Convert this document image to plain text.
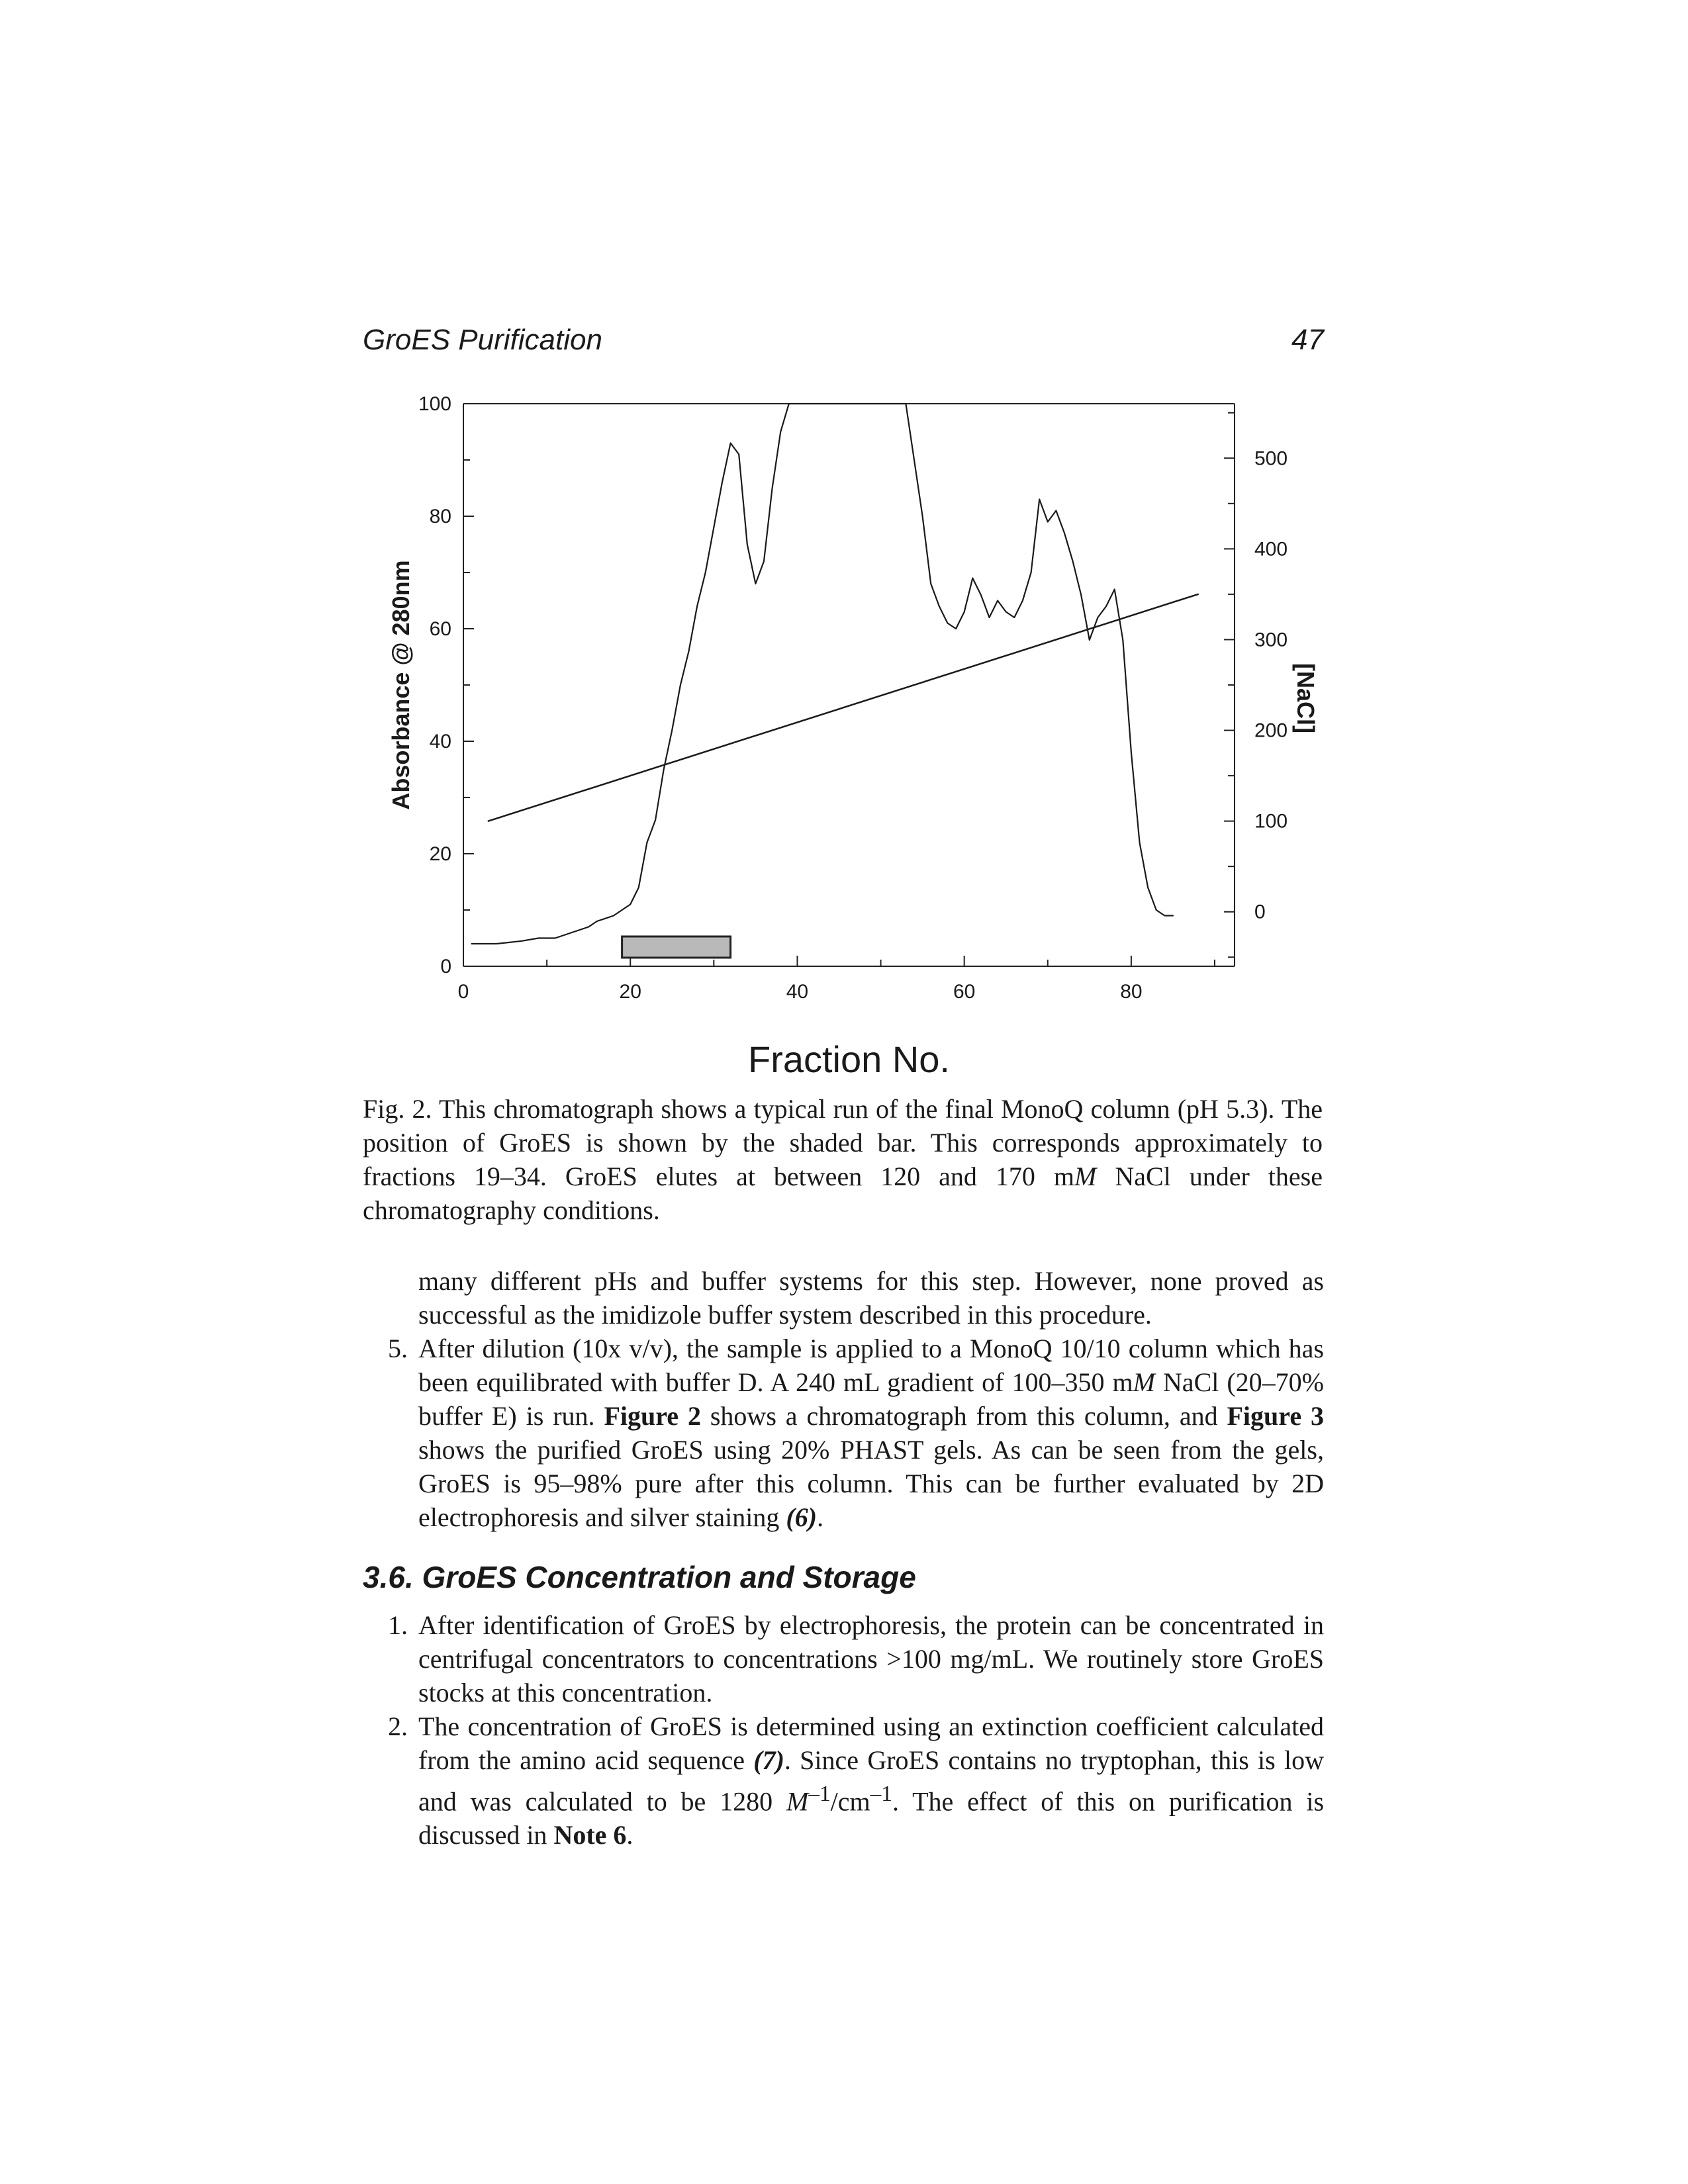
GroES Purification	47
0
20
40
60
80
100
0
100
200
300
400
500
0	20	40	60	80
Absorbance @ 280nm	[NaCl]
Fraction No.
Fig. 2. This chromatograph shows a typical run of the final MonoQ column (pH 5.3). The position of GroES is shown by the shaded bar. This corresponds approximately to fractions 19–34. GroES elutes at between 120 and 170 mM NaCl under these chromatography conditions.
many different pHs and buffer systems for this step. However, none proved as successful as the imidizole buffer system described in this procedure.
5. After dilution (10x v/v), the sample is applied to a MonoQ 10/10 column which has been equilibrated with buffer D. A 240 mL gradient of 100–350 mM NaCl (20–70% buffer E) is run. Figure 2 shows a chromatograph from this column, and Figure 3 shows the purified GroES using 20% PHAST gels. As can be seen from the gels, GroES is 95–98% pure after this column. This can be further evaluated by 2D electrophoresis and silver staining (6).
3.6. GroES Concentration and Storage
1. After identification of GroES by electrophoresis, the protein can be concentrated in centrifugal concentrators to concentrations >100 mg/mL. We routinely store GroES stocks at this concentration.
2. The concentration of GroES is determined using an extinction coefficient calculated from the amino acid sequence (7). Since GroES contains no tryptophan, this is low and was calculated to be 1280 $M^{-1}/cm^{-1}$. The effect of this on purification is discussed in Note 6.
